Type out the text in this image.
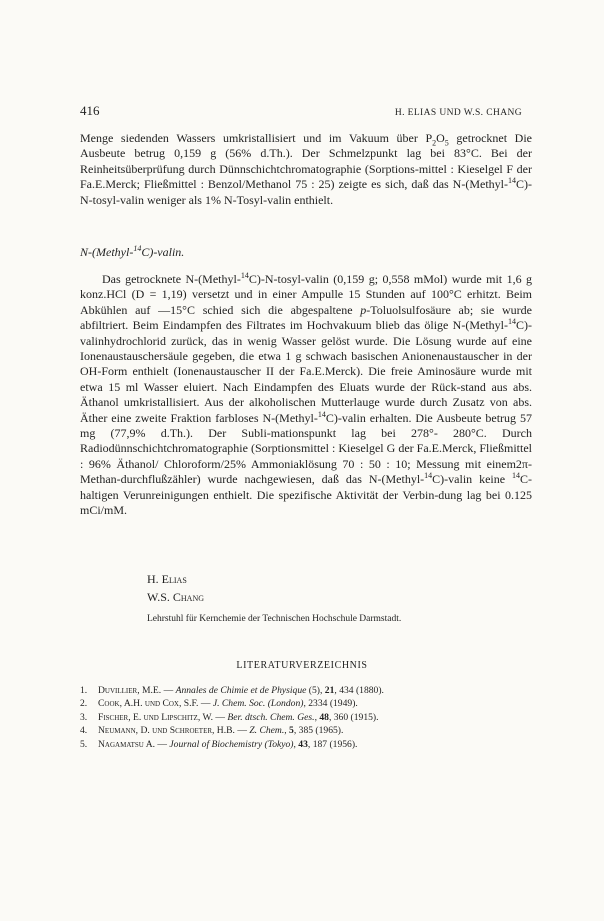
416	H. ELIAS UND W.S. CHANG

Menge siedenden Wassers umkristallisiert und im Vakuum über $P_2O_5$ getrocknet Die Ausbeute betrug 0,159 g (56% d.Th.). Der Schmelzpunkt lag bei 83°C. Bei der Reinheitsüberprüfung durch Dünnschichtchromatographie (Sorptions-mittel : Kieselgel F der Fa.E.Merck; Fließmittel : Benzol/Methanol 75 : 25) zeigte es sich, daß das N-(Methyl-$^{14}$C)-N-tosyl-valin weniger als 1% N-Tosyl-valin enthielt.

N-(Methyl-$^{14}$C)-valin.

Das getrocknete N-(Methyl-$^{14}$C)-N-tosyl-valin (0,159 g; 0,558 mMol) wurde mit 1,6 g konz.HCl (D = 1,19) versetzt und in einer Ampulle 15 Stunden auf 100°C erhitzt. Beim Abkühlen auf —15°C schied sich die abgespaltene p-Toluolsulfosäure ab; sie wurde abfiltriert. Beim Eindampfen des Filtrates im Hochvakuum blieb das ölige N-(Methyl-$^{14}$C)-valinhydrochlorid zurück, das in wenig Wasser gelöst wurde. Die Lösung wurde auf eine Ionenaustauschersäule gegeben, die etwa 1 g schwach basischen Anionenaustauscher in der OH-Form enthielt (Ionenaustauscher II der Fa.E.Merck). Die freie Aminosäure wurde mit etwa 15 ml Wasser eluiert. Nach Eindampfen des Eluats wurde der Rück-stand aus abs. Äthanol umkristallisiert. Aus der alkoholischen Mutterlauge wurde durch Zusatz von abs. Äther eine zweite Fraktion farbloses N-(Methyl-$^{14}$C)-valin erhalten. Die Ausbeute betrug 57 mg (77,9% d.Th.). Der Subli-mationspunkt lag bei 278°- 280°C. Durch Radiodünnschichtchromatographie (Sorptionsmittel : Kieselgel G der Fa.E.Merck, Fließmittel : 96% Äthanol/ Chloroform/25% Ammoniaklösung 70 : 50 : 10; Messung mit einem2π-Methan-durchflußzähler) wurde nachgewiesen, daß das N-(Methyl-$^{14}$C)-valin keine $^{14}$C-haltigen Verunreinigungen enthielt. Die spezifische Aktivität der Verbin-dung lag bei 0.125 mCi/mM.

H. Elias
W.S. Chang
Lehrstuhl für Kernchemie der Technischen Hochschule Darmstadt.
LITERATURVERZEICHNIS
1. Duvillier, M.E. — Annales de Chimie et de Physique (5), 21, 434 (1880).
2. Cook, A.H. und Cox, S.F. — J. Chem. Soc. (London), 2334 (1949).
3. Fischer, E. und Lipschitz, W. — Ber. dtsch. Chem. Ges., 48, 360 (1915).
4. Neumann, D. und Schroeter, H.B. — Z. Chem., 5, 385 (1965).
5. Nagamatsu A. — Journal of Biochemistry (Tokyo), 43, 187 (1956).
